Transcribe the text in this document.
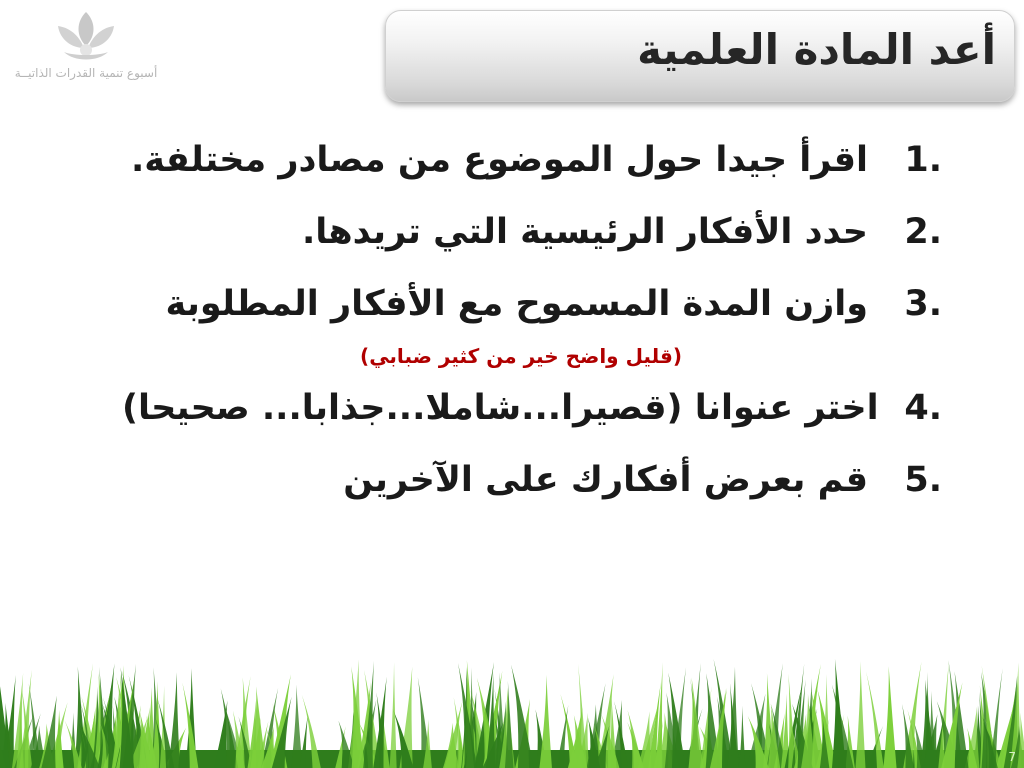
أسبوع تنمية القدرات الذاتيــة	أعد المادة العلمية
1.
اقرأ جيدا حول الموضوع من مصادر مختلفة.
2.
حدد الأفكار الرئيسية التي تريدها.
3.
وازن المدة المسموح مع الأفكار المطلوبة
(قليل واضح خير من كثير ضبابي)
4.
اختر عنوانا (قصيرا...شاملا...جذابا... صحيحا)
5.
قم بعرض أفكارك على الآخرين
7
